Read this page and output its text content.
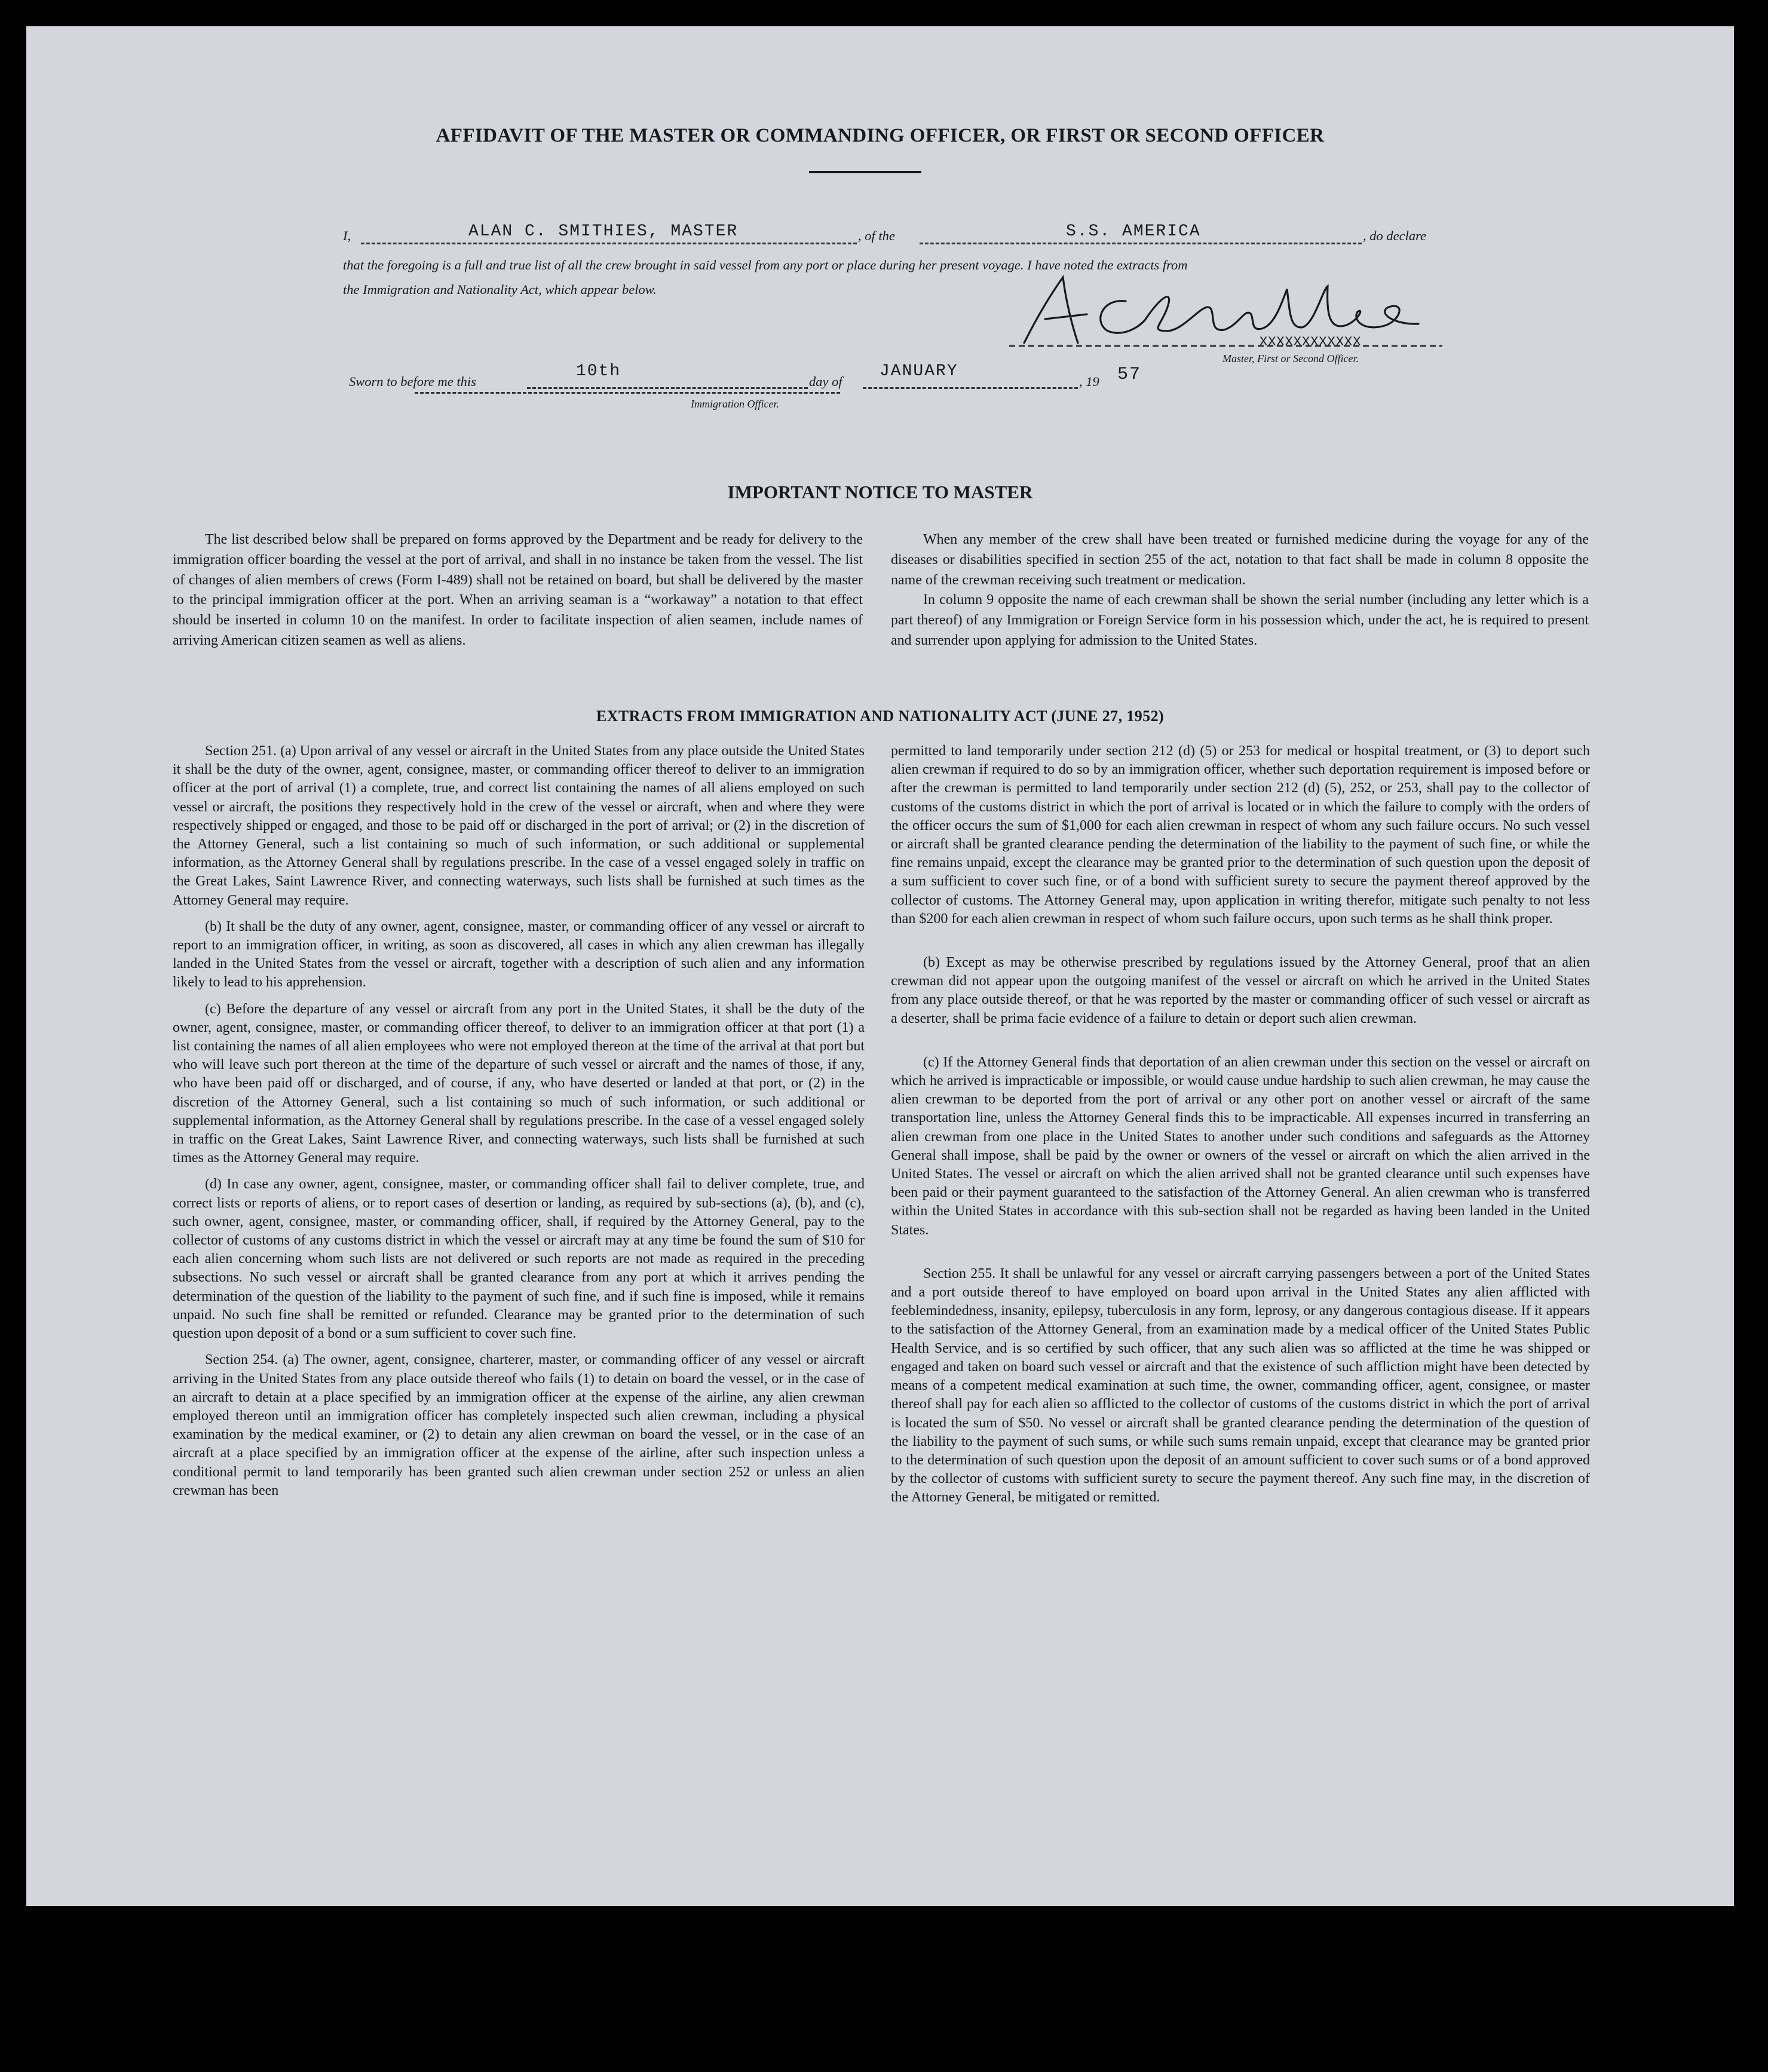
AFFIDAVIT OF THE MASTER OR COMMANDING OFFICER, OR FIRST OR SECOND OFFICER
I,	ALAN C. SMITHIES, MASTER	, of the	S.S. AMERICA	, do declare
that the foregoing is a full and true list of all the crew brought in said vessel from any port or place during her present voyage. I have noted the extracts from
the Immigration and Nationality Act, which appear below.
XXXXXXXXXXXX
Master, First or Second Officer.
Sworn to before me this
10th
day of
JANUARY
, 19 57
Immigration Officer.
IMPORTANT NOTICE TO MASTER

The list described below shall be prepared on forms approved by the Department and be ready for delivery to the immigration officer boarding the vessel at the port of arrival, and shall in no instance be taken from the vessel. The list of changes of alien members of crews (Form I-489) shall not be retained on board, but shall be delivered by the master to the principal immigration officer at the port. When an arriving seaman is a “workaway” a notation to that effect should be inserted in column 10 on the manifest. In order to facilitate inspection of alien seamen, include names of arriving American citizen seamen as well as aliens.

When any member of the crew shall have been treated or furnished medicine during the voyage for any of the diseases or disabilities specified in section 255 of the act, notation to that fact shall be made in column 8 opposite the name of the crewman receiving such treatment or medication.

In column 9 opposite the name of each crewman shall be shown the serial number (including any letter which is a part thereof) of any Immigration or Foreign Service form in his possession which, under the act, he is required to present and surrender upon applying for admission to the United States.

EXTRACTS FROM IMMIGRATION AND NATIONALITY ACT (JUNE 27, 1952)

Section 251. (a) Upon arrival of any vessel or aircraft in the United States from any place outside the United States it shall be the duty of the owner, agent, consignee, master, or commanding officer thereof to deliver to an immigration officer at the port of arrival (1) a complete, true, and correct list containing the names of all aliens employed on such vessel or aircraft, the positions they respectively hold in the crew of the vessel or aircraft, when and where they were respectively shipped or engaged, and those to be paid off or discharged in the port of arrival; or (2) in the discretion of the Attorney General, such a list containing so much of such information, or such additional or supplemental information, as the Attorney General shall by regulations prescribe. In the case of a vessel engaged solely in traffic on the Great Lakes, Saint Lawrence River, and connecting waterways, such lists shall be furnished at such times as the Attorney General may require.

(b) It shall be the duty of any owner, agent, consignee, master, or commanding officer of any vessel or aircraft to report to an immigration officer, in writing, as soon as discovered, all cases in which any alien crewman has illegally landed in the United States from the vessel or aircraft, together with a description of such alien and any information likely to lead to his apprehension.

(c) Before the departure of any vessel or aircraft from any port in the United States, it shall be the duty of the owner, agent, consignee, master, or commanding officer thereof, to deliver to an immigration officer at that port (1) a list containing the names of all alien employees who were not employed thereon at the time of the arrival at that port but who will leave such port thereon at the time of the departure of such vessel or aircraft and the names of those, if any, who have been paid off or discharged, and of course, if any, who have deserted or landed at that port, or (2) in the discretion of the Attorney General, such a list containing so much of such information, or such additional or supplemental information, as the Attorney General shall by regulations prescribe. In the case of a vessel engaged solely in traffic on the Great Lakes, Saint Lawrence River, and connecting waterways, such lists shall be furnished at such times as the Attorney General may require.

(d) In case any owner, agent, consignee, master, or commanding officer shall fail to deliver complete, true, and correct lists or reports of aliens, or to report cases of desertion or landing, as required by sub-sections (a), (b), and (c), such owner, agent, consignee, master, or commanding officer, shall, if required by the Attorney General, pay to the collector of customs of any customs district in which the vessel or aircraft may at any time be found the sum of $10 for each alien concerning whom such lists are not delivered or such reports are not made as required in the preceding subsections. No such vessel or aircraft shall be granted clearance from any port at which it arrives pending the determination of the question of the liability to the payment of such fine, and if such fine is imposed, while it remains unpaid. No such fine shall be remitted or refunded. Clearance may be granted prior to the determination of such question upon deposit of a bond or a sum sufficient to cover such fine.

Section 254. (a) The owner, agent, consignee, charterer, master, or commanding officer of any vessel or aircraft arriving in the United States from any place outside thereof who fails (1) to detain on board the vessel, or in the case of an aircraft to detain at a place specified by an immigration officer at the expense of the airline, any alien crewman employed thereon until an immigration officer has completely inspected such alien crewman, including a physical examination by the medical examiner, or (2) to detain any alien crewman on board the vessel, or in the case of an aircraft at a place specified by an immigration officer at the expense of the airline, after such inspection unless a conditional permit to land temporarily has been granted such alien crewman under section 252 or unless an alien crewman has been

permitted to land temporarily under section 212 (d) (5) or 253 for medical or hospital treatment, or (3) to deport such alien crewman if required to do so by an immigration officer, whether such deportation requirement is imposed before or after the crewman is permitted to land temporarily under section 212 (d) (5), 252, or 253, shall pay to the collector of customs of the customs district in which the port of arrival is located or in which the failure to comply with the orders of the officer occurs the sum of $1,000 for each alien crewman in respect of whom any such failure occurs. No such vessel or aircraft shall be granted clearance pending the determination of the liability to the payment of such fine, or while the fine remains unpaid, except the clearance may be granted prior to the determination of such question upon the deposit of a sum sufficient to cover such fine, or of a bond with sufficient surety to secure the payment thereof approved by the collector of customs. The Attorney General may, upon application in writing therefor, mitigate such penalty to not less than $200 for each alien crewman in respect of whom such failure occurs, upon such terms as he shall think proper.

(b) Except as may be otherwise prescribed by regulations issued by the Attorney General, proof that an alien crewman did not appear upon the outgoing manifest of the vessel or aircraft on which he arrived in the United States from any place outside thereof, or that he was reported by the master or commanding officer of such vessel or aircraft as a deserter, shall be prima facie evidence of a failure to detain or deport such alien crewman.

(c) If the Attorney General finds that deportation of an alien crewman under this section on the vessel or aircraft on which he arrived is impracticable or impossible, or would cause undue hardship to such alien crewman, he may cause the alien crewman to be deported from the port of arrival or any other port on another vessel or aircraft of the same transportation line, unless the Attorney General finds this to be impracticable. All expenses incurred in transferring an alien crewman from one place in the United States to another under such conditions and safeguards as the Attorney General shall impose, shall be paid by the owner or owners of the vessel or aircraft on which the alien arrived in the United States. The vessel or aircraft on which the alien arrived shall not be granted clearance until such expenses have been paid or their payment guaranteed to the satisfaction of the Attorney General. An alien crewman who is transferred within the United States in accordance with this sub-section shall not be regarded as having been landed in the United States.

Section 255. It shall be unlawful for any vessel or aircraft carrying passengers between a port of the United States and a port outside thereof to have employed on board upon arrival in the United States any alien afflicted with feeblemindedness, insanity, epilepsy, tuberculosis in any form, leprosy, or any dangerous contagious disease. If it appears to the satisfaction of the Attorney General, from an examination made by a medical officer of the United States Public Health Service, and is so certified by such officer, that any such alien was so afflicted at the time he was shipped or engaged and taken on board such vessel or aircraft and that the existence of such affliction might have been detected by means of a competent medical examination at such time, the owner, commanding officer, agent, consignee, or master thereof shall pay for each alien so afflicted to the collector of customs of the customs district in which the port of arrival is located the sum of $50. No vessel or aircraft shall be granted clearance pending the determination of the question of the liability to the payment of such sums, or while such sums remain unpaid, except that clearance may be granted prior to the determination of such question upon the deposit of an amount sufficient to cover such sums or of a bond approved by the collector of customs with sufficient surety to secure the payment thereof. Any such fine may, in the discretion of the Attorney General, be mitigated or remitted.
